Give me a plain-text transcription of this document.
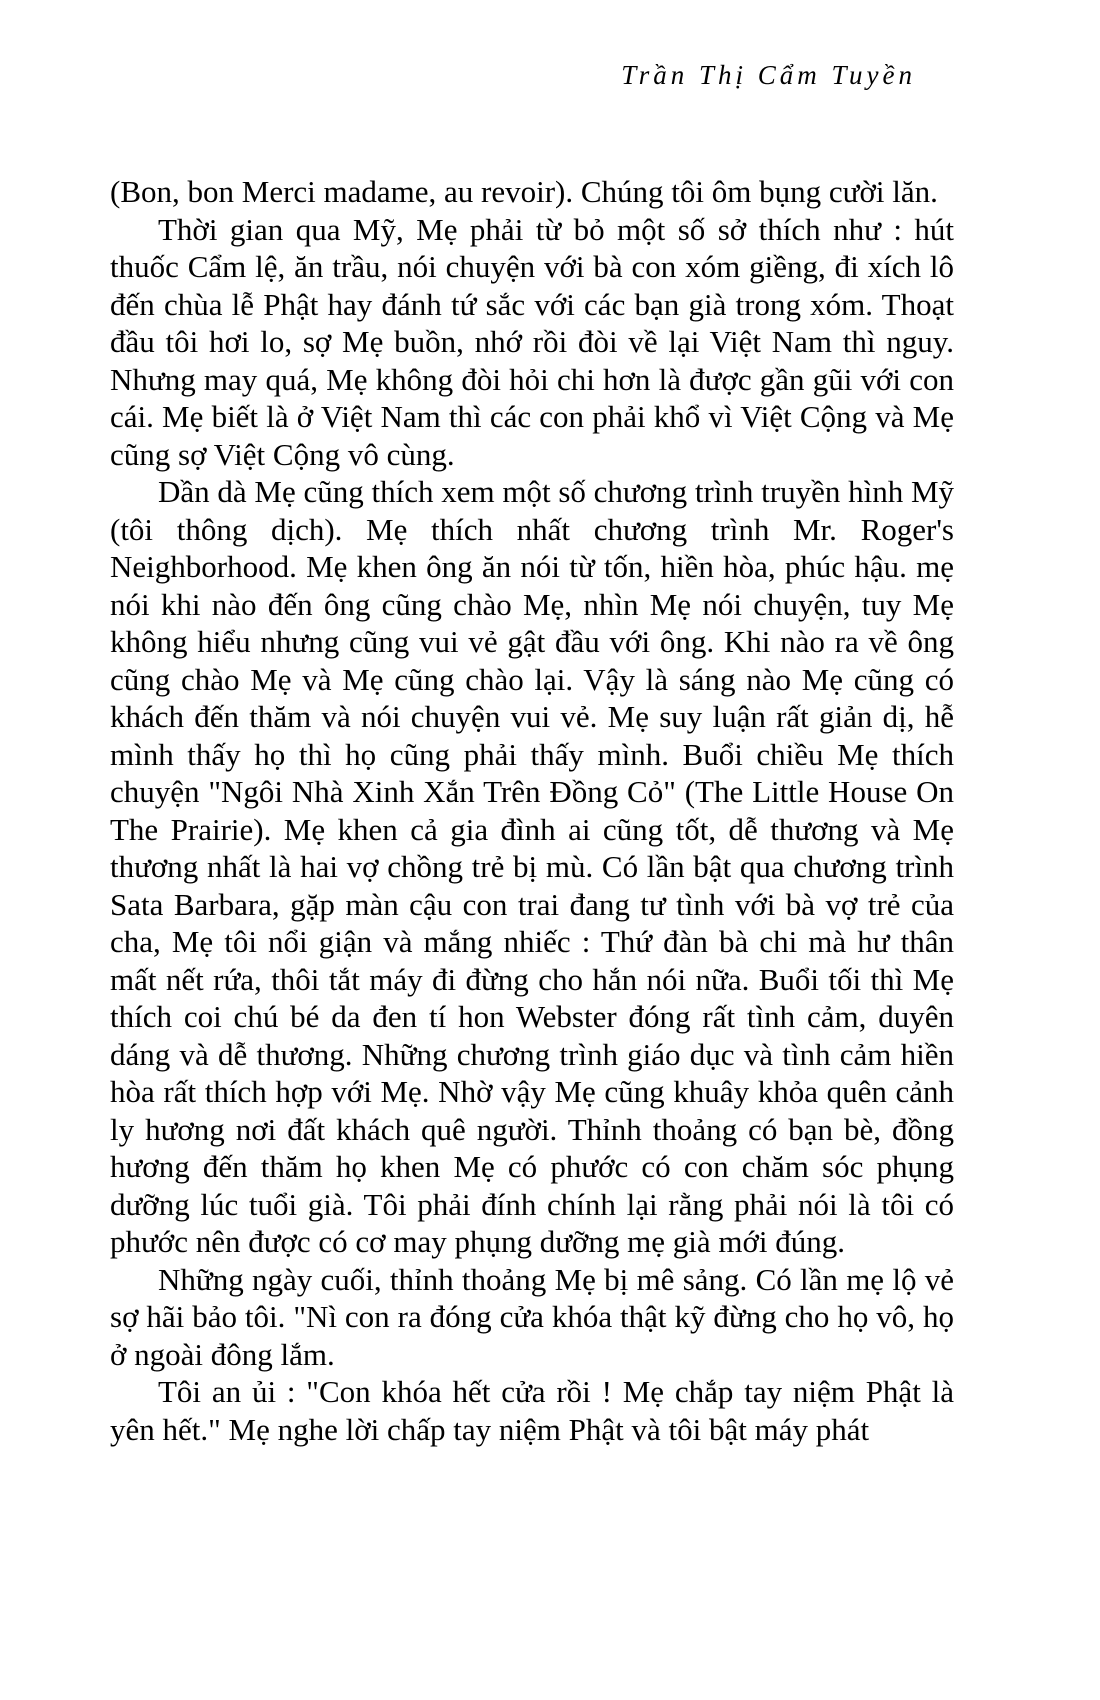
Trần Thị Cẩm Tuyền

(Bon, bon Merci madame, au revoir). Chúng tôi ôm bụng cười lăn.

Thời gian qua Mỹ, Mẹ phải từ bỏ một số sở thích như : hút thuốc Cẩm lệ, ăn trầu, nói chuyện với bà con xóm giềng, đi xích lô đến chùa lễ Phật hay đánh tứ sắc với các bạn già trong xóm. Thoạt đầu tôi hơi lo, sợ Mẹ buồn, nhớ rồi đòi về lại Việt Nam thì nguy. Nhưng may quá, Mẹ không đòi hỏi chi hơn là được gần gũi với con cái. Mẹ biết là ở Việt Nam thì các con phải khổ vì Việt Cộng và Mẹ cũng sợ Việt Cộng vô cùng.

Dần dà Mẹ cũng thích xem một số chương trình truyền hình Mỹ (tôi thông dịch). Mẹ thích nhất chương trình Mr. Roger's Neighborhood. Mẹ khen ông ăn nói từ tốn, hiền hòa, phúc hậu. mẹ nói khi nào đến ông cũng chào Mẹ, nhìn Mẹ nói chuyện, tuy Mẹ không hiểu nhưng cũng vui vẻ gật đầu với ông. Khi nào ra về ông cũng chào Mẹ và Mẹ cũng chào lại. Vậy là sáng nào Mẹ cũng có khách đến thăm và nói chuyện vui vẻ. Mẹ suy luận rất giản dị, hễ mình thấy họ thì họ cũng phải thấy mình. Buổi chiều Mẹ thích chuyện "Ngôi Nhà Xinh Xắn Trên Đồng Cỏ" (The Little House On The Prairie). Mẹ khen cả gia đình ai cũng tốt, dễ thương và Mẹ thương nhất là hai vợ chồng trẻ bị mù. Có lần bật qua chương trình Sata Barbara, gặp màn cậu con trai đang tư tình với bà vợ trẻ của cha, Mẹ tôi nổi giận và mắng nhiếc : Thứ đàn bà chi mà hư thân mất nết rứa, thôi tắt máy đi đừng cho hắn nói nữa. Buổi tối thì Mẹ thích coi chú bé da đen tí hon Webster đóng rất tình cảm, duyên dáng và dễ thương. Những chương trình giáo dục và tình cảm hiền hòa rất thích hợp với Mẹ. Nhờ vậy Mẹ cũng khuây khỏa quên cảnh ly hương nơi đất khách quê người. Thỉnh thoảng có bạn bè, đồng hương đến thăm họ khen Mẹ có phước có con chăm sóc phụng dưỡng lúc tuổi già. Tôi phải đính chính lại rằng phải nói là tôi có phước nên được có cơ may phụng dưỡng mẹ già mới đúng.

Những ngày cuối, thỉnh thoảng Mẹ bị mê sảng. Có lần mẹ lộ vẻ sợ hãi bảo tôi. "Nì con ra đóng cửa khóa thật kỹ đừng cho họ vô, họ ở ngoài đông lắm.

Tôi an ủi : "Con khóa hết cửa rồi ! Mẹ chắp tay niệm Phật là yên hết." Mẹ nghe lời chấp tay niệm Phật và tôi bật máy phát
